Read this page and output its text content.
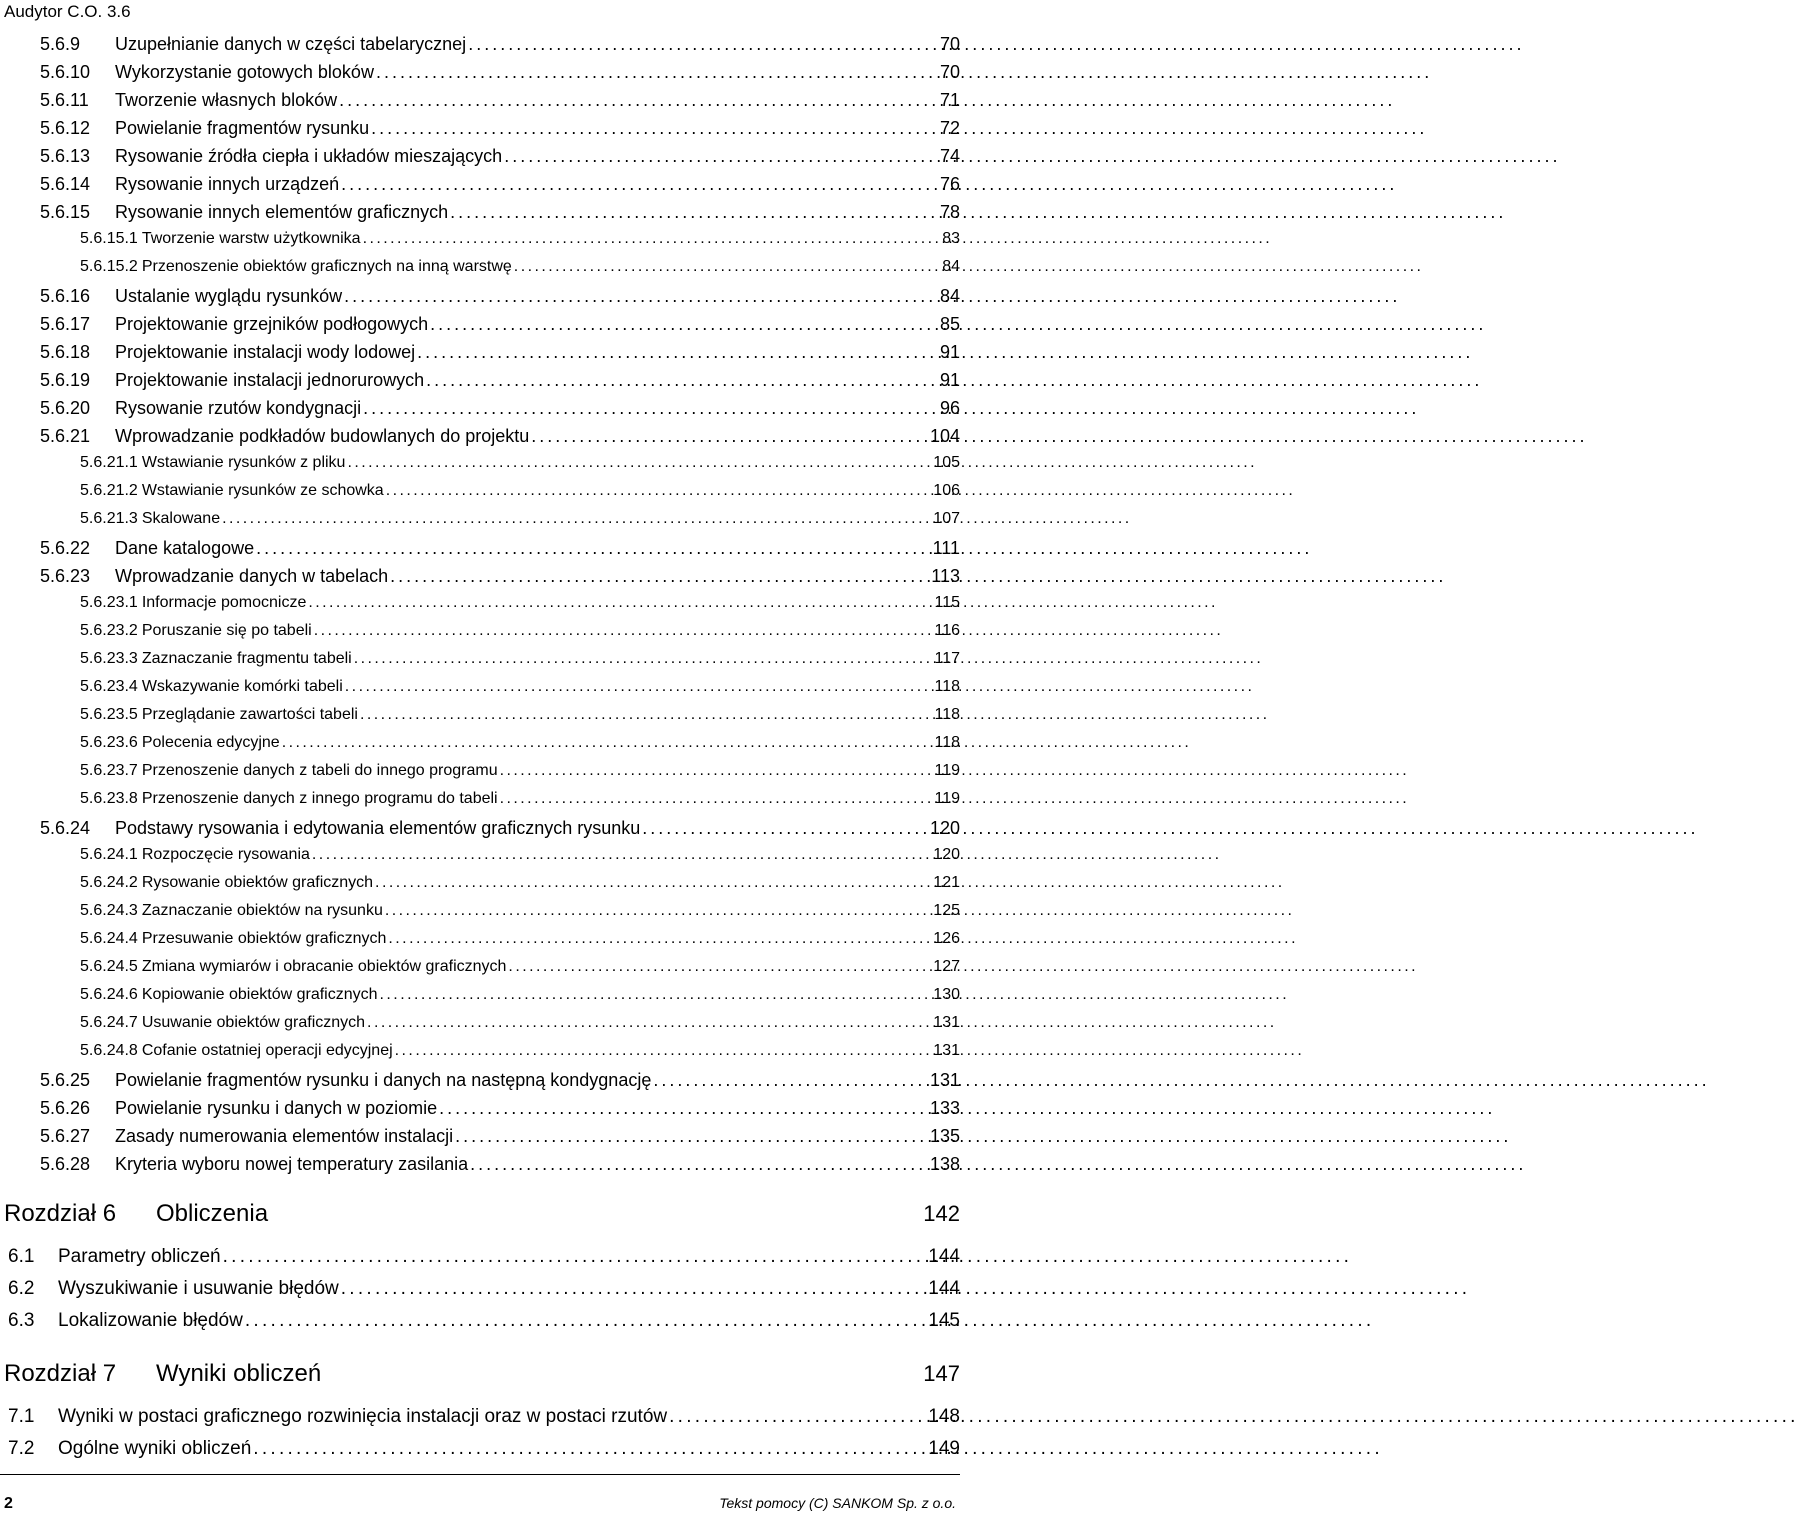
Audytor C.O. 3.6
5.6.9	Uzupełnianie danych w części tabelarycznej . . .	70
5.6.10	Wykorzystanie gotowych bloków . . .	70
5.6.11	Tworzenie własnych bloków . . .	71
5.6.12	Powielanie fragmentów rysunku . . .	72
5.6.13	Rysowanie źródła ciepła i układów mieszających . . .	74
5.6.14	Rysowanie innych urządzeń . . .	76
5.6.15	Rysowanie innych elementów graficznych . . .	78
5.6.15.1 Tworzenie warstw użytkownika . . .	83
5.6.15.2 Przenoszenie obiektów graficznych na inną warstwę . . .	84
5.6.16	Ustalanie wyglądu rysunków . . .	84
5.6.17	Projektowanie grzejników podłogowych . . .	85
5.6.18	Projektowanie instalacji wody lodowej . . .	91
5.6.19	Projektowanie instalacji jednorurowych . . .	91
5.6.20	Rysowanie rzutów kondygnacji . . .	96
5.6.21	Wprowadzanie podkładów budowlanych do projektu . . .	104
5.6.21.1 Wstawianie rysunków z pliku . . .	105
5.6.21.2 Wstawianie rysunków ze schowka . . .	106
5.6.21.3 Skalowane . . .	107
5.6.22	Dane katalogowe . . .	111
5.6.23	Wprowadzanie danych w tabelach . . .	113
5.6.23.1 Informacje pomocnicze . . .	115
5.6.23.2 Poruszanie się po tabeli . . .	116
5.6.23.3 Zaznaczanie fragmentu tabeli . . .	117
5.6.23.4 Wskazywanie komórki tabeli . . .	118
5.6.23.5 Przeglądanie zawartości tabeli . . .	118
5.6.23.6 Polecenia edycyjne . . .	118
5.6.23.7 Przenoszenie danych z tabeli do innego programu . . .	119
5.6.23.8 Przenoszenie danych z innego programu do tabeli . . .	119
5.6.24	Podstawy rysowania i edytowania elementów graficznych rysunku . . .	120
5.6.24.1 Rozpoczęcie rysowania . . .	120
5.6.24.2 Rysowanie obiektów graficznych . . .	121
5.6.24.3 Zaznaczanie obiektów na rysunku . . .	125
5.6.24.4 Przesuwanie obiektów graficznych . . .	126
5.6.24.5 Zmiana wymiarów i obracanie obiektów graficznych . . .	127
5.6.24.6 Kopiowanie obiektów graficznych . . .	130
5.6.24.7 Usuwanie obiektów graficznych . . .	131
5.6.24.8 Cofanie ostatniej operacji edycyjnej . . .	131
5.6.25	Powielanie fragmentów rysunku i danych na następną kondygnację . . .	131
5.6.26	Powielanie rysunku i danych w poziomie . . .	133
5.6.27	Zasady numerowania elementów instalacji . . .	135
5.6.28	Kryteria wyboru nowej temperatury zasilania . . .	138
Rozdział 6	Obliczenia	142
6.1	Parametry obliczeń . . .	144
6.2	Wyszukiwanie i usuwanie błędów . . .	144
6.3	Lokalizowanie błędów . . .	145
Rozdział 7	Wyniki obliczeń	147
7.1	Wyniki w postaci graficznego rozwinięcia instalacji oraz w postaci rzutów . . .	148
7.2	Ogólne wyniki obliczeń . . .	149
2	Tekst pomocy (C) SANKOM Sp. z o.o.
